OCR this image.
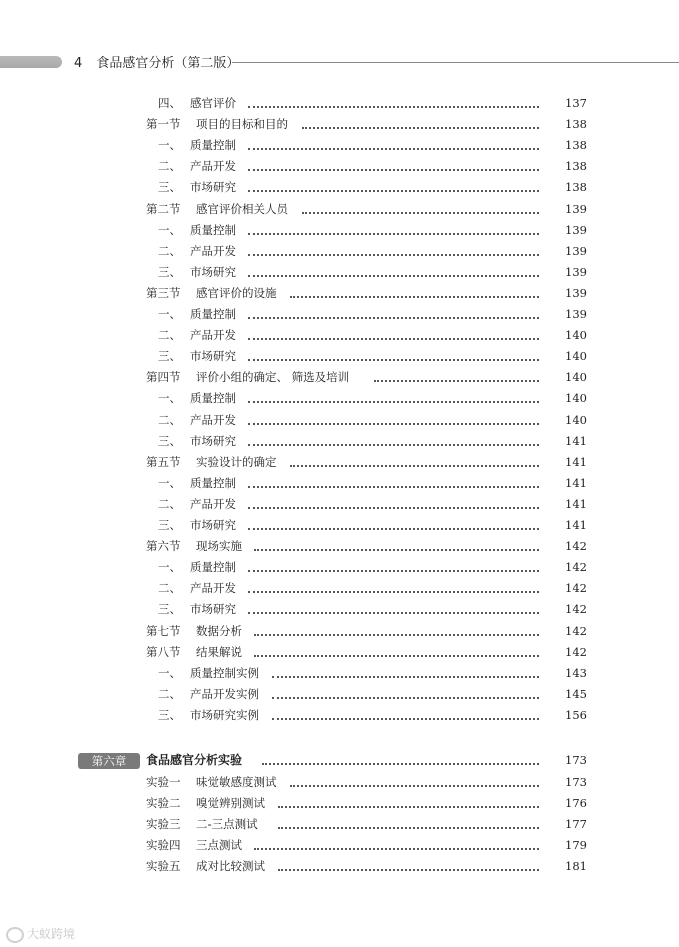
4 食品感官分析（第二版）
四、 感官评价	137
第一节 项目的目标和目的	138
一、 质量控制	138
二、 产品开发	138
三、 市场研究	138
第二节 感官评价相关人员	139
一、 质量控制	139
二、 产品开发	139
三、 市场研究	139
第三节 感官评价的设施	139
一、 质量控制	139
二、 产品开发	140
三、 市场研究	140
第四节 评价小组的确定、 筛选及培训	140
一、 质量控制	140
二、 产品开发	140
三、 市场研究	141
第五节 实验设计的确定	141
一、 质量控制	141
二、 产品开发	141
三、 市场研究	141
第六节 现场实施	142
一、 质量控制	142
二、 产品开发	142
三、 市场研究	142
第七节 数据分析	142
第八节 结果解说	142
一、 质量控制实例	143
二、 产品开发实例	145
三、 市场研究实例	156
第六章	食品感官分析实验	173
实验一 味觉敏感度测试	173
实验二 嗅觉辨别测试	176
实验三 二-三点测试	177
实验四 三点测试	179
实验五 成对比较测试	181
大蚁跨境
